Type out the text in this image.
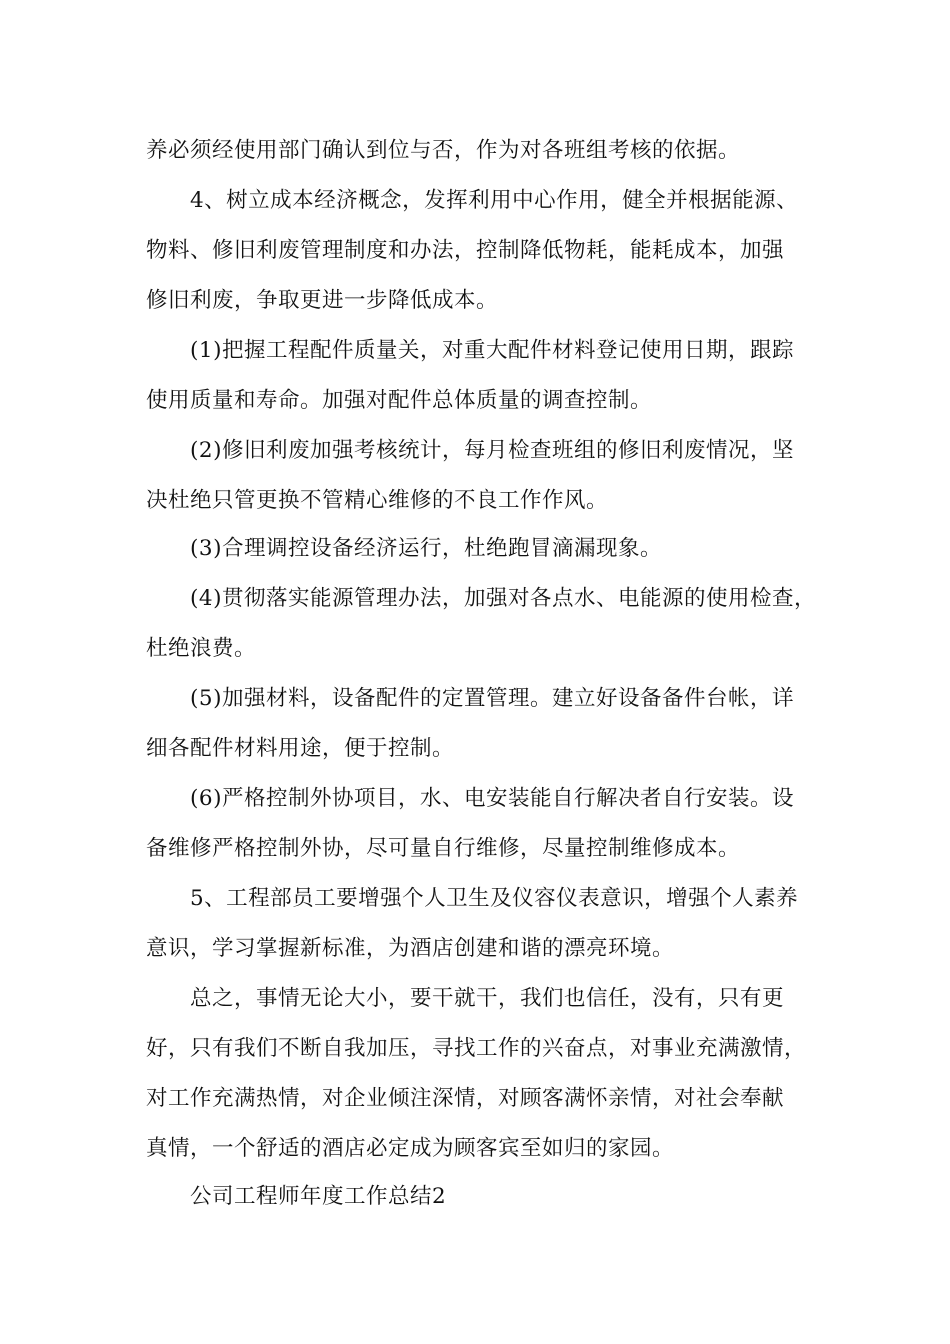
养必须经使用部门确认到位与否，作为对各班组考核的依据。

4、树立成本经济概念，发挥利用中心作用，健全并根据能源、
物料、修旧利废管理制度和办法，控制降低物耗，能耗成本，加强
修旧利废，争取更进一步降低成本。

(1)把握工程配件质量关，对重大配件材料登记使用日期，跟踪
使用质量和寿命。加强对配件总体质量的调查控制。

(2)修旧利废加强考核统计，每月检查班组的修旧利废情况，坚
决杜绝只管更换不管精心维修的不良工作作风。

(3)合理调控设备经济运行，杜绝跑冒滴漏现象。

(4)贯彻落实能源管理办法，加强对各点水、电能源的使用检查，
杜绝浪费。

(5)加强材料，设备配件的定置管理。建立好设备备件台帐，详
细各配件材料用途，便于控制。

(6)严格控制外协项目，水、电安装能自行解决者自行安装。设
备维修严格控制外协，尽可量自行维修，尽量控制维修成本。

5、工程部员工要增强个人卫生及仪容仪表意识，增强个人素养
意识，学习掌握新标准，为酒店创建和谐的漂亮环境。

总之，事情无论大小，要干就干，我们也信任，没有，只有更
好，只有我们不断自我加压，寻找工作的兴奋点，对事业充满激情，
对工作充满热情，对企业倾注深情，对顾客满怀亲情，对社会奉献
真情，一个舒适的酒店必定成为顾客宾至如归的家园。

公司工程师年度工作总结2
